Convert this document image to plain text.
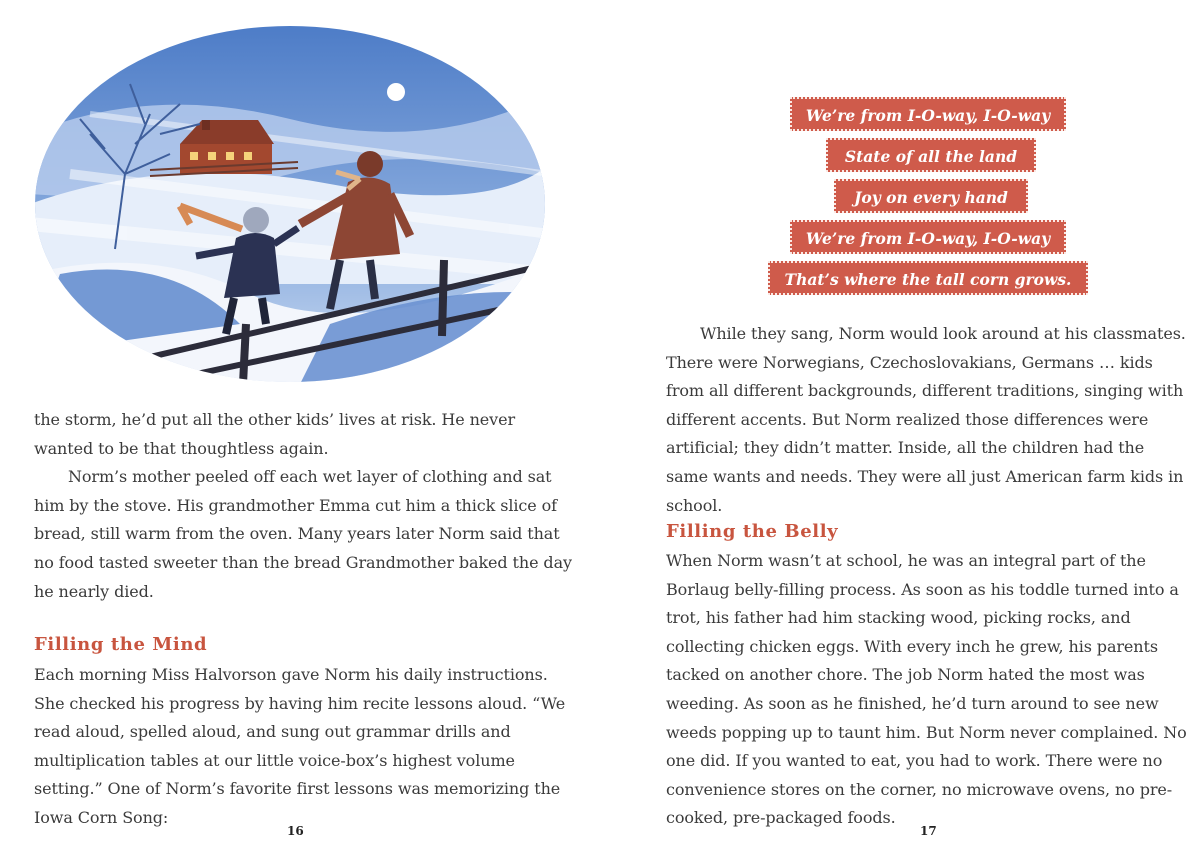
the storm, he’d put all the other kids’ lives at risk. He never wanted to be that thoughtless again.

Norm’s mother peeled off each wet layer of clothing and sat him by the stove. His grandmother Emma cut him a thick slice of bread, still warm from the oven. Many years later Norm said that no food tasted sweeter than the bread Grandmother baked the day he nearly died.

Filling the Mind

Each morning Miss Halvorson gave Norm his daily instructions. She checked his progress by having him recite lessons aloud. “We read aloud, spelled aloud, and sung out grammar drills and multiplication tables at our little voice-box’s highest volume setting.” One of Norm’s favorite first lessons was memorizing the Iowa Corn Song:

16
We’re from I-O-way, I-O-way
State of all the land
Joy on every hand
We’re from I-O-way, I-O-way
That’s where the tall corn grows.

While they sang, Norm would look around at his classmates. There were Norwegians, Czechoslovakians, Germans … kids from all different backgrounds, different traditions, singing with different accents. But Norm realized those differences were artificial; they didn’t matter. Inside, all the children had the same wants and needs. They were all just American farm kids in school.

Filling the Belly

When Norm wasn’t at school, he was an integral part of the Borlaug belly-filling process. As soon as his toddle turned into a trot, his father had him stacking wood, picking rocks, and collecting chicken eggs. With every inch he grew, his parents tacked on another chore. The job Norm hated the most was weeding. As soon as he finished, he’d turn around to see new weeds popping up to taunt him. But Norm never complained. No one did. If you wanted to eat, you had to work. There were no convenience stores on the corner, no microwave ovens, no pre-cooked, pre-packaged foods.

17
